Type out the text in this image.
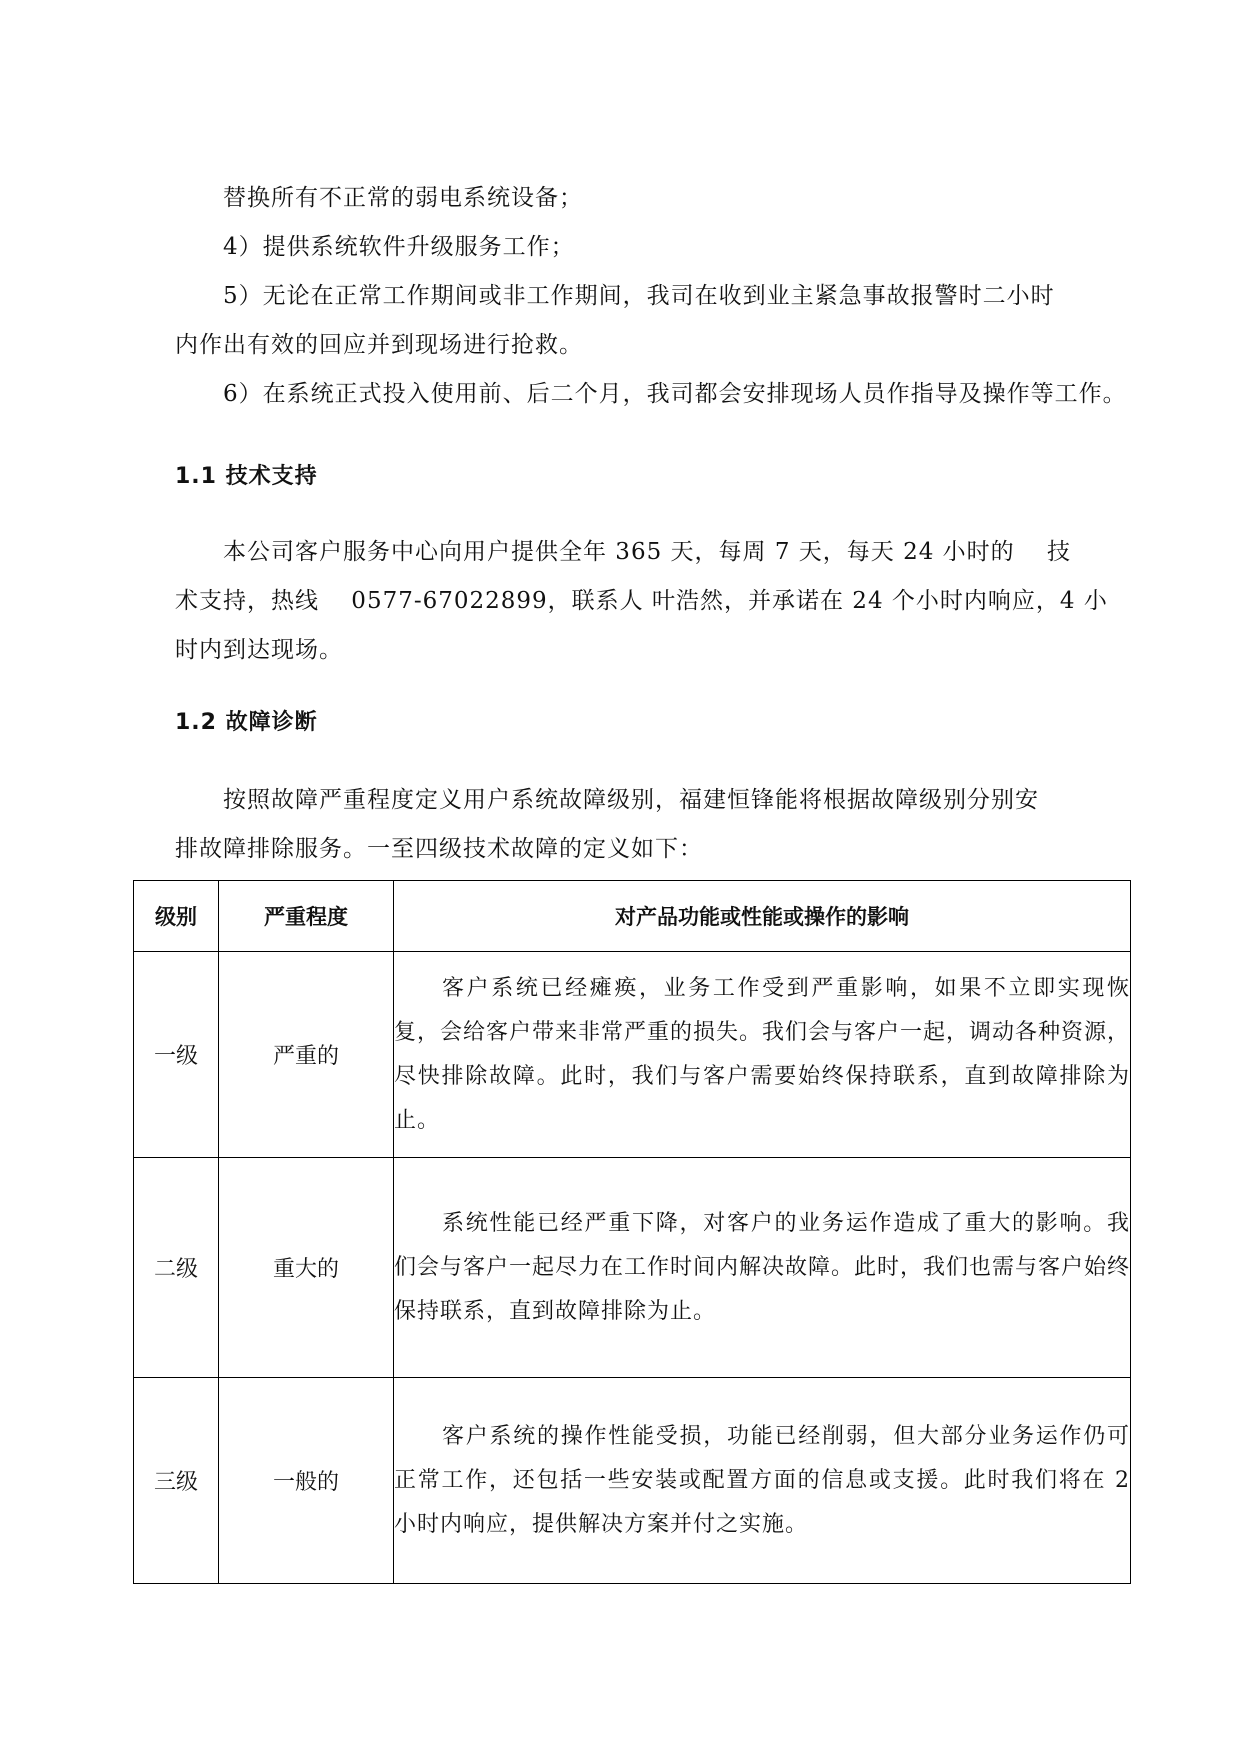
替换所有不正常的弱电系统设备；

4）提供系统软件升级服务工作；

5）无论在正常工作期间或非工作期间，我司在收到业主紧急事故报警时二小时

内作出有效的回应并到现场进行抢救。

6）在系统正式投入使用前、后二个月，我司都会安排现场人员作指导及操作等工作。

1.1 技术支持

本公司客户服务中心向用户提供全年 365 天，每周 7 天，每天 24 小时的　 技

术支持，热线　 0577-67022899，联系人 叶浩然，并承诺在 24 个小时内响应，4 小

时内到达现场。

1.2 故障诊断

按照故障严重程度定义用户系统故障级别，福建恒锋能将根据故障级别分别安

排故障排除服务。一至四级技术故障的定义如下：

级别	严重程度	对产品功能或性能或操作的影响
一级	严重的	客户系统已经瘫痪，业务工作受到严重影响，如果不立即实现恢复，会给客户带来非常严重的损失。我们会与客户一起，调动各种资源，尽快排除故障。此时，我们与客户需要始终保持联系，直到故障排除为止。
二级	重大的	系统性能已经严重下降，对客户的业务运作造成了重大的影响。我们会与客户一起尽力在工作时间内解决故障。此时，我们也需与客户始终保持联系，直到故障排除为止。
三级	一般的	客户系统的操作性能受损，功能已经削弱，但大部分业务运作仍可正常工作，还包括一些安装或配置方面的信息或支援。此时我们将在 2 小时内响应，提供解决方案并付之实施。
